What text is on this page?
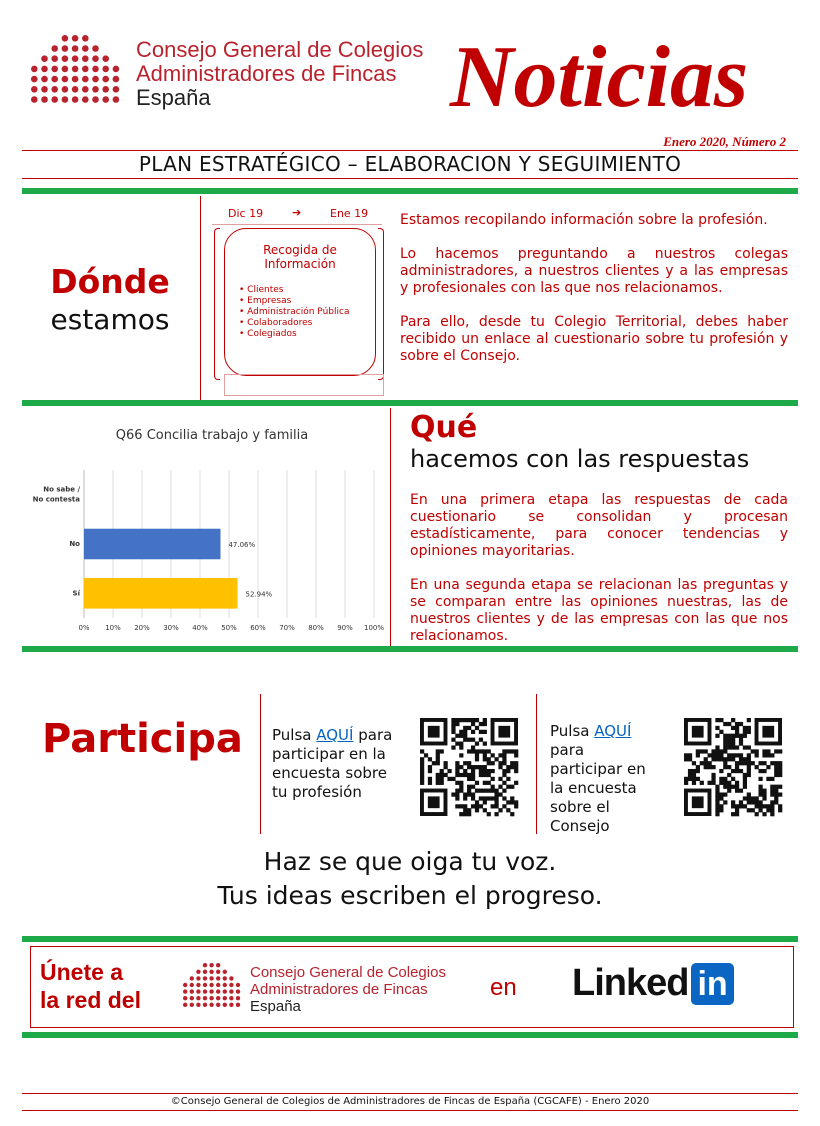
Consejo General de Colegios
Administradores de Fincas
España	Noticias
Enero 2020, Número 2
PLAN ESTRATÉGICO – ELABORACION Y SEGUIMIENTO
Dónde
estamos
Dic 19	➔	Ene 19
Recogida de Información
• Clientes
• Empresas
• Administración Pública
• Colaboradores
• Colegiados

Estamos recopilando información sobre la profesión.

Lo hacemos preguntando a nuestros colegas administradores, a nuestros clientes y a las empresas y profesionales con las que nos relacionamos.

Para ello, desde tu Colegio Territorial, debes haber recibido un enlace al cuestionario sobre tu profesión y sobre el Consejo.

Q66 Concilia trabajo y familia
0% 10% 20% 30% 40% 50% 60% 70% 80% 90% 100%
No sabe / No contesta
No	47.06%
Sí	52.94%
Qué
hacemos con las respuestas

En una primera etapa las respuestas de cada cuestionario se consolidan y procesan estadísticamente, para conocer tendencias y opiniones mayoritarias.

En una segunda etapa se relacionan las preguntas y se comparan entre las opiniones nuestras, las de nuestros clientes y de las empresas con las que nos relacionamos.

Participa Pulsa AQUÍ para participar en la encuesta sobre tu profesión
Pulsa AQUÍ para participar en la encuesta sobre el Consejo
Haz se que oiga tu voz.
Tus ideas escriben el progreso.
Únete a
la red del
Consejo General de Colegios
Administradores de Fincas
España
en Linked in
©Consejo General de Colegios de Administradores de Fincas de España (CGCAFE) - Enero 2020
